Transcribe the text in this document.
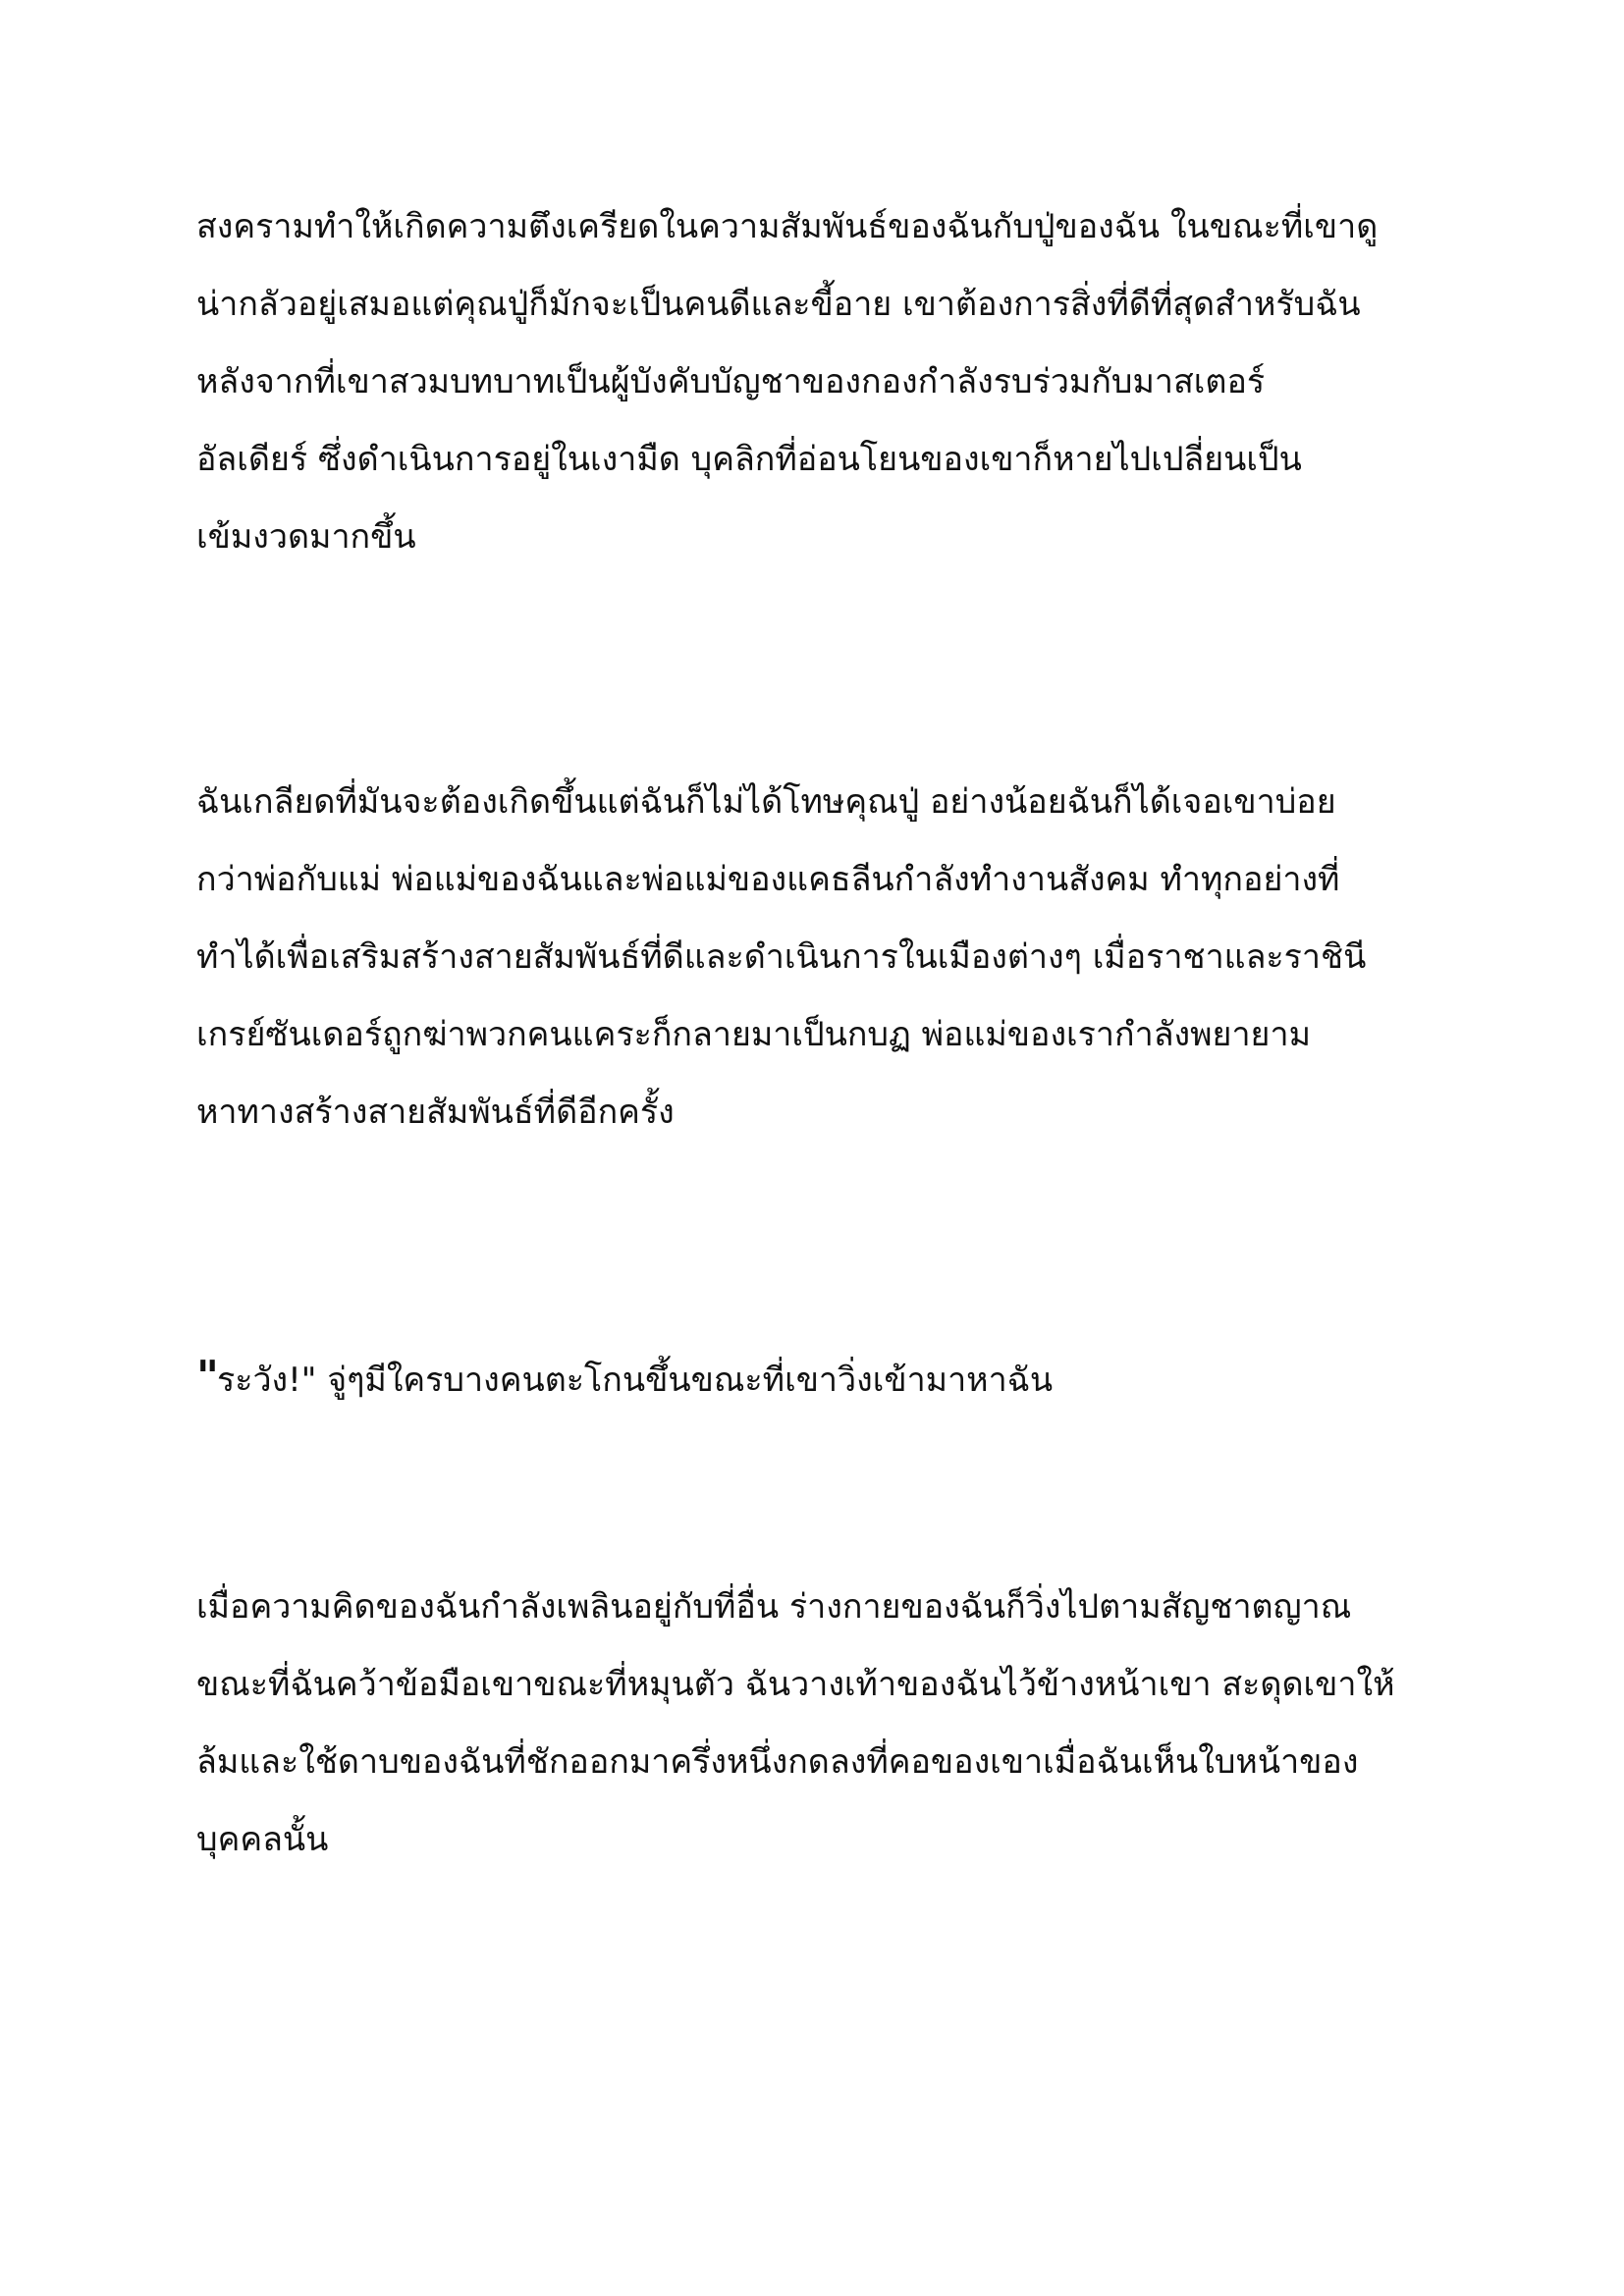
สงครามทำให้เกิดความตึงเครียดในความสัมพันธ์ของฉันกับปู่ของฉัน ในขณะที่เขาดู
น่ากลัวอยู่เสมอแต่คุณปู่ก็มักจะเป็นคนดีและขี้อาย เขาต้องการสิ่งที่ดีที่สุดสำหรับฉัน
หลังจากที่เขาสวมบทบาทเป็นผู้บังคับบัญชาของกองกำลังรบร่วมกับมาสเตอร์
อัลเดียร์ ซึ่งดำเนินการอยู่ในเงามืด บุคลิกที่อ่อนโยนของเขาก็หายไปเปลี่ยนเป็น
เข้มงวดมากขึ้น

ฉันเกลียดที่มันจะต้องเกิดขึ้นแต่ฉันก็ไม่ได้โทษคุณปู่ อย่างน้อยฉันก็ได้เจอเขาบ่อย
กว่าพ่อกับแม่ พ่อแม่ของฉันและพ่อแม่ของแคธลีนกำลังทำงานสังคม ทำทุกอย่างที่
ทำได้เพื่อเสริมสร้างสายสัมพันธ์ที่ดีและดำเนินการในเมืองต่างๆ เมื่อราชาและราชินี
เกรย์ซันเดอร์ถูกฆ่าพวกคนแคระก็กลายมาเป็นกบฏ พ่อแม่ของเรากำลังพยายาม
หาทางสร้างสายสัมพันธ์ที่ดีอีกครั้ง

"ระวัง!" จู่ๆมีใครบางคนตะโกนขึ้นขณะที่เขาวิ่งเข้ามาหาฉัน

เมื่อความคิดของฉันกำลังเพลินอยู่กับที่อื่น ร่างกายของฉันก็วิ่งไปตามสัญชาตญาณ
ขณะที่ฉันคว้าข้อมือเขาขณะที่หมุนตัว ฉันวางเท้าของฉันไว้ข้างหน้าเขา สะดุดเขาให้
ล้มและใช้ดาบของฉันที่ชักออกมาครึ่งหนึ่งกดลงที่คอของเขาเมื่อฉันเห็นใบหน้าของ
บุคคลนั้น
